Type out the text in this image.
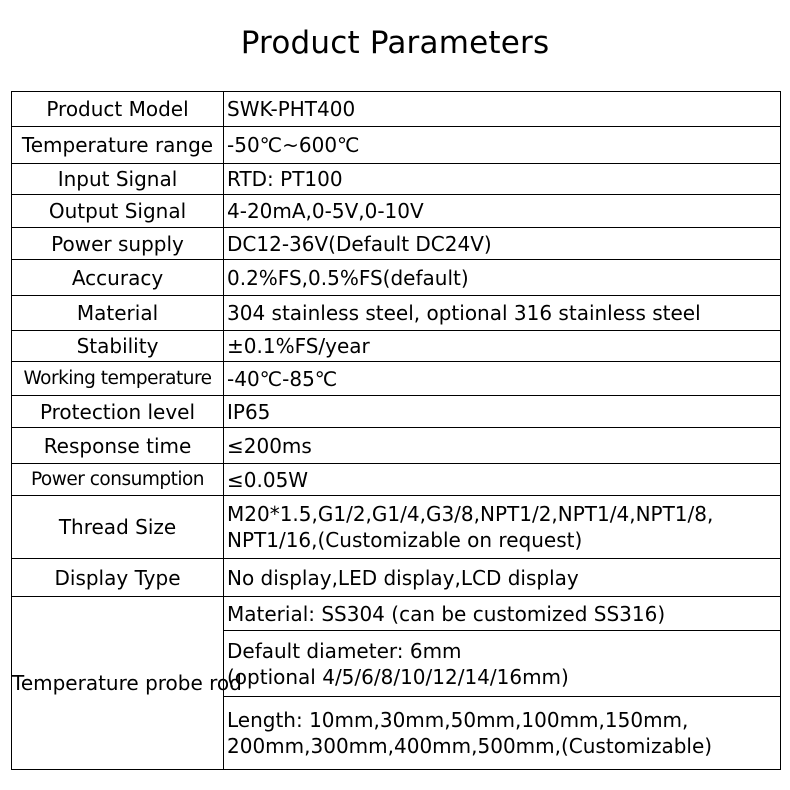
Product Parameters
Product Model	SWK-PHT400
Temperature range	-50℃~600℃
Input Signal	RTD: PT100
Output Signal	4-20mA,0-5V,0-10V
Power supply	DC12-36V(Default DC24V)
Accuracy	0.2%FS,0.5%FS(default)
Material	304 stainless steel, optional 316 stainless steel
Stability	±0.1%FS/year
Working temperature	-40℃-85℃
Protection level	IP65
Response time	≤200ms
Power consumption	≤0.05W
Thread Size	M20*1.5,G1/2,G1/4,G3/8,NPT1/2,NPT1/4,NPT1/8,
NPT1/16,(Customizable on request)

Display Type	No display,LED display,LCD display
Temperature probe rod	Material: SS304 (can be customized SS316)

	Default diameter: 6mm
(optional 4/5/6/8/10/12/14/16mm)

	Length: 10mm,30mm,50mm,100mm,150mm,
200mm,300mm,400mm,500mm,(Customizable)
